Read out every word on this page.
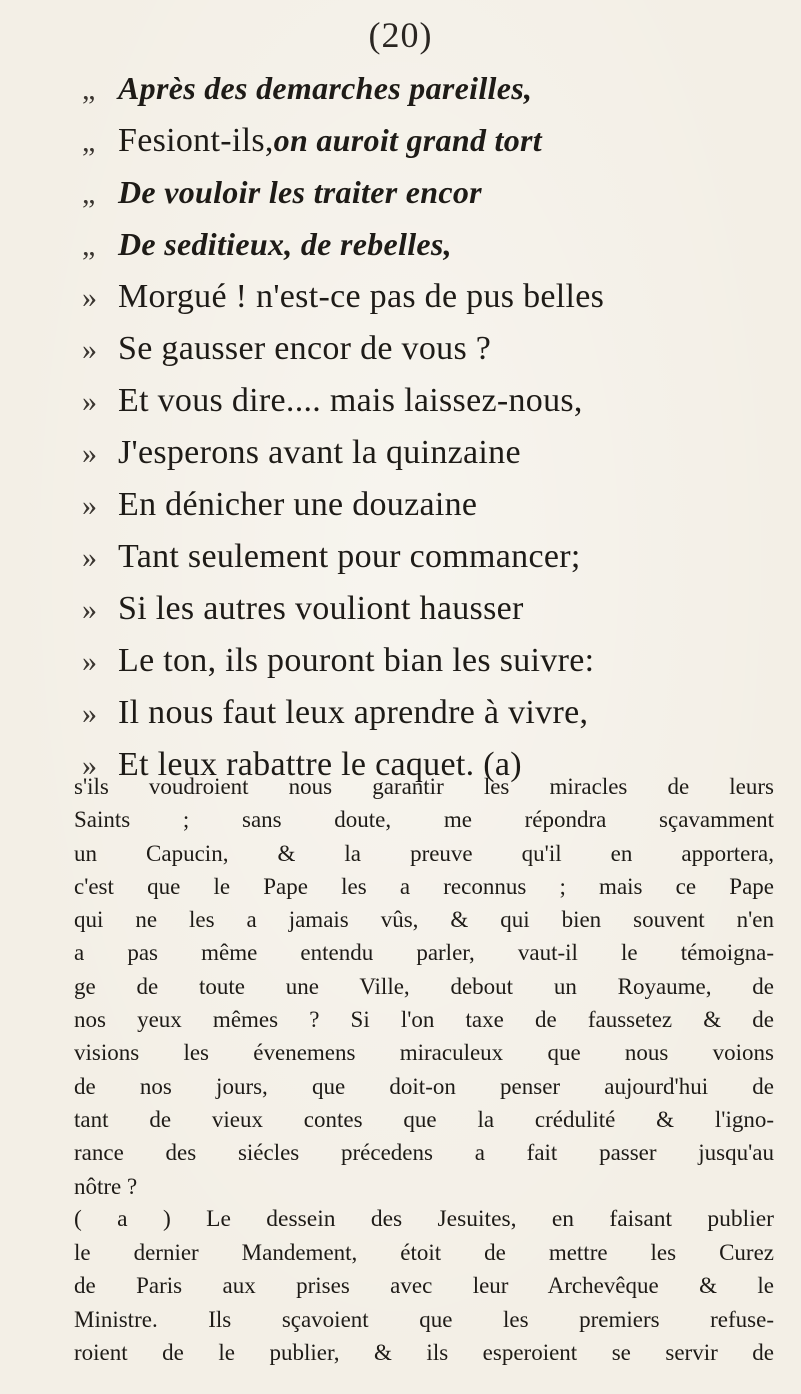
(20)
„ Après des demarches pareilles,
„ Fesiont-ils, on auroit grand tort
„ De vouloir les traiter encor
„ De seditieux, de rebelles,
» Morgué ! n'est-ce pas de pus belles
» Se gausser encor de vous ?
» Et vous dire.... mais laissez-nous,
» J'esperons avant la quinzaine
» En dénicher une douzaine
» Tant seulement pour commancer;
» Si les autres vouliont hausser
» Le ton, ils pouront bian les suivre:
» Il nous faut leux aprendre à vivre,
» Et leux rabattre le caquet. (a)
s'ils voudroient nous garantir les miracles de leurs
Saints ; sans doute, me répondra sçavamment
un Capucin, & la preuve qu'il en apportera,
c'est que le Pape les a reconnus ; mais ce Pape
qui ne les a jamais vûs, & qui bien souvent n'en
a pas même entendu parler, vaut-il le témoigna-
ge de toute une Ville, debout un Royaume, de
nos yeux mêmes ? Si l'on taxe de faussetez & de
visions les évenemens miraculeux que nous voions
de nos jours, que doit-on penser aujourd'hui de
tant de vieux contes que la crédulité & l'igno-
rance des siécles précedens a fait passer jusqu'au
nôtre ?
( a ) Le dessein des Jesuites, en faisant publier
le dernier Mandement, étoit de mettre les Curez
de Paris aux prises avec leur Archevêque & le
Ministre. Ils sçavoient que les premiers refuse-
roient de le publier, & ils esperoient se servir de
